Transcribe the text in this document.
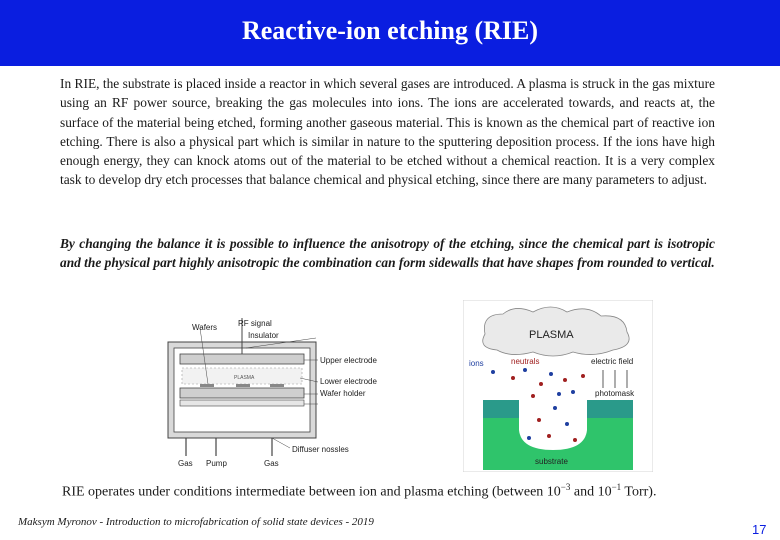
Reactive-ion etching (RIE)

In RIE, the substrate is placed inside a reactor in which several gases are introduced. A plasma is struck in the gas mixture using an RF power source, breaking the gas molecules into ions. The ions are accelerated towards, and reacts at, the surface of the material being etched, forming another gaseous material. This is known as the chemical part of reactive ion etching. There is also a physical part which is similar in nature to the sputtering deposition process. If the ions have high enough energy, they can knock atoms out of the material to be etched without a chemical reaction. It is a very complex task to develop dry etch processes that balance chemical and physical etching, since there are many parameters to adjust.

By changing the balance it is possible to influence the anisotropy of the etching, since the chemical part is isotropic and the physical part highly anisotropic the combination can form sidewalls that have shapes from rounded to vertical.

PLASMA
Wafers	RF signal
Insulator
Upper electrode
Lower electrode
Wafer holder
Diffuser nossles
Gas Pump	Gas
PLASMA
ions	neutrals	electric field
photomask
substrate
RIE operates under conditions intermediate between ion and plasma etching (between $10^{-3}$ and $10^{-1}$ Torr).
Maksym Myronov - Introduction to microfabrication of solid state devices - 2019	17
